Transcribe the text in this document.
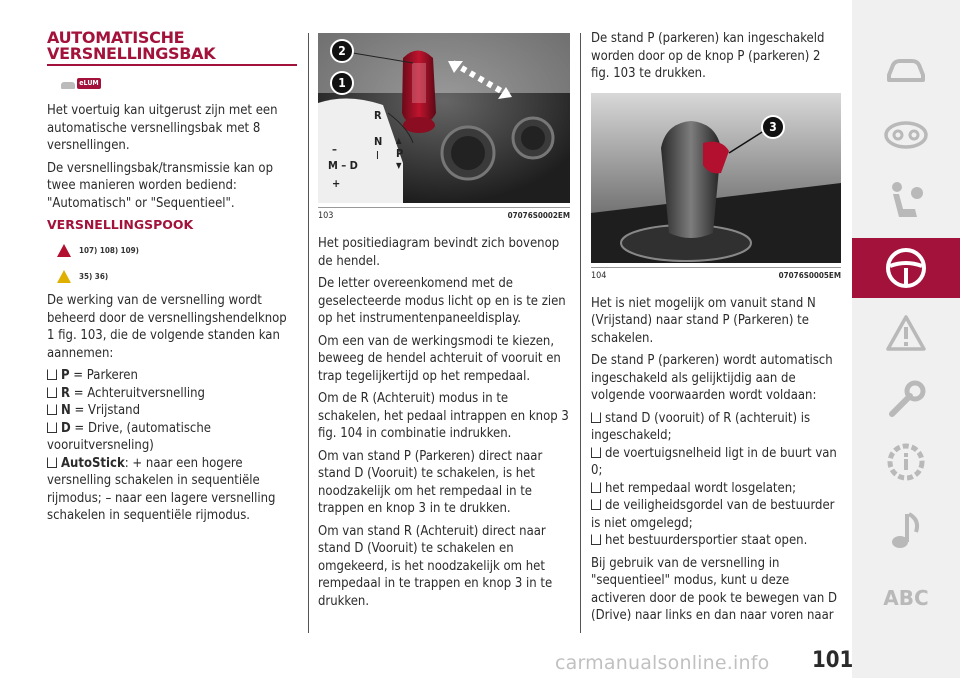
AUTOMATISCHE VERSNELLINGSBAK
eLUM

Het voertuig kan uitgerust zijn met een automatische versnellingsbak met 8 versnellingen.

De versnellingsbak/transmissie kan op twee manieren worden bediend: "Automatisch" or "Sequentieel".

VERSNELLINGSPOOK
107) 108) 109)
35) 36)

De werking van de versnelling wordt beheerd door de versnellingshendelknop 1 fig. 103, die de volgende standen kan aannemen:

P = Parkeren

R = Achteruitversnelling

N = Vrijstand

D = Drive, (automatische vooruitversneling)

AutoStick: + naar een hogere versnelling schakelen in sequentiële rijmodus; – naar een lagere versnelling schakelen in sequentiële rijmodus.

2
1
R
N
I
–
M – D
+
P
▲
▼
103	07076S0002EM

Het positiediagram bevindt zich bovenop de hendel.

De letter overeenkomend met de geselecteerde modus licht op en is te zien op het instrumentenpaneeldisplay.

Om een van de werkingsmodi te kiezen, beweeg de hendel achteruit of vooruit en trap tegelijkertijd op het rempedaal.

Om de R (Achteruit) modus in te schakelen, het pedaal intrappen en knop 3 fig. 104 in combinatie indrukken.

Om van stand P (Parkeren) direct naar stand D (Vooruit) te schakelen, is het noodzakelijk om het rempedaal in te trappen en knop 3 in te drukken.

Om van stand R (Achteruit) direct naar stand D (Vooruit) te schakelen en omgekeerd, is het noodzakelijk om het rempedaal in te trappen en knop 3 in te drukken.

De stand P (parkeren) kan ingeschakeld worden door op de knop P (parkeren) 2 fig. 103 te drukken.

3
104	07076S0005EM

Het is niet mogelijk om vanuit stand N (Vrijstand) naar stand P (Parkeren) te schakelen.

De stand P (parkeren) wordt automatisch ingeschakeld als gelijktijdig aan de volgende voorwaarden wordt voldaan:

stand D (vooruit) of R (achteruit) is ingeschakeld;

de voertuigsnelheid ligt in de buurt van 0;

het rempedaal wordt losgelaten;

de veiligheidsgordel van de bestuurder is niet omgelegd;

het bestuurdersportier staat open.

Bij gebruik van de versnelling in "sequentieel" modus, kunt u deze activeren door de pook te bewegen van D (Drive) naar links en dan naar voren naar

ABC
101
carmanualsonline.info
